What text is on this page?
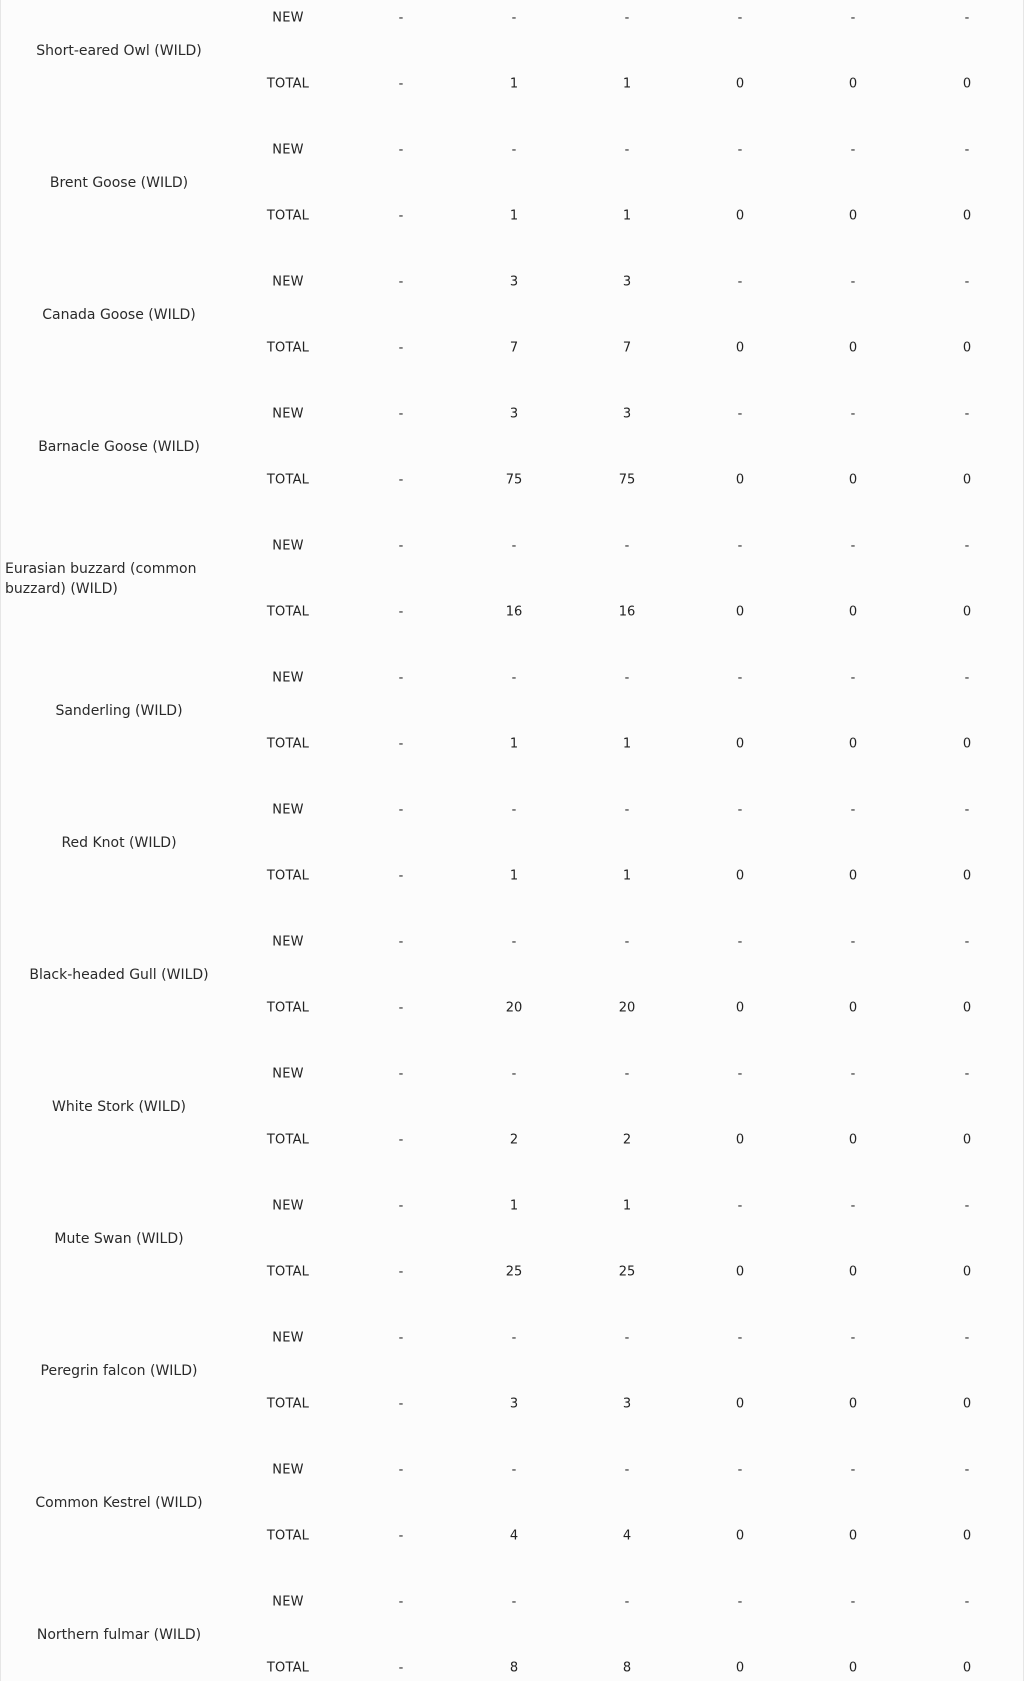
Short-eared Owl (WILD)
NEW
TOTAL
-
-
-
1
-
1
-
0
-
0
-
0
Brent Goose (WILD)
NEW
TOTAL
-
-
-
1
-
1
-
0
-
0
-
0
Canada Goose (WILD)
NEW
TOTAL
-
-
3
7
3
7
-
0
-
0
-
0
Barnacle Goose (WILD)
NEW
TOTAL
-
-
3
75
3
75
-
0
-
0
-
0
Eurasian buzzard (common buzzard) (WILD)
NEW
TOTAL
-
-
-
16
-
16
-
0
-
0
-
0
Sanderling (WILD)
NEW
TOTAL
-
-
-
1
-
1
-
0
-
0
-
0
Red Knot (WILD)
NEW
TOTAL
-
-
-
1
-
1
-
0
-
0
-
0
Black-headed Gull (WILD)
NEW
TOTAL
-
-
-
20
-
20
-
0
-
0
-
0
White Stork (WILD)
NEW
TOTAL
-
-
-
2
-
2
-
0
-
0
-
0
Mute Swan (WILD)
NEW
TOTAL
-
-
1
25
1
25
-
0
-
0
-
0
Peregrin falcon (WILD)
NEW
TOTAL
-
-
-
3
-
3
-
0
-
0
-
0
Common Kestrel (WILD)
NEW
TOTAL
-
-
-
4
-
4
-
0
-
0
-
0
Northern fulmar (WILD)
NEW
TOTAL
-
-
-
8
-
8
-
0
-
0
-
0
